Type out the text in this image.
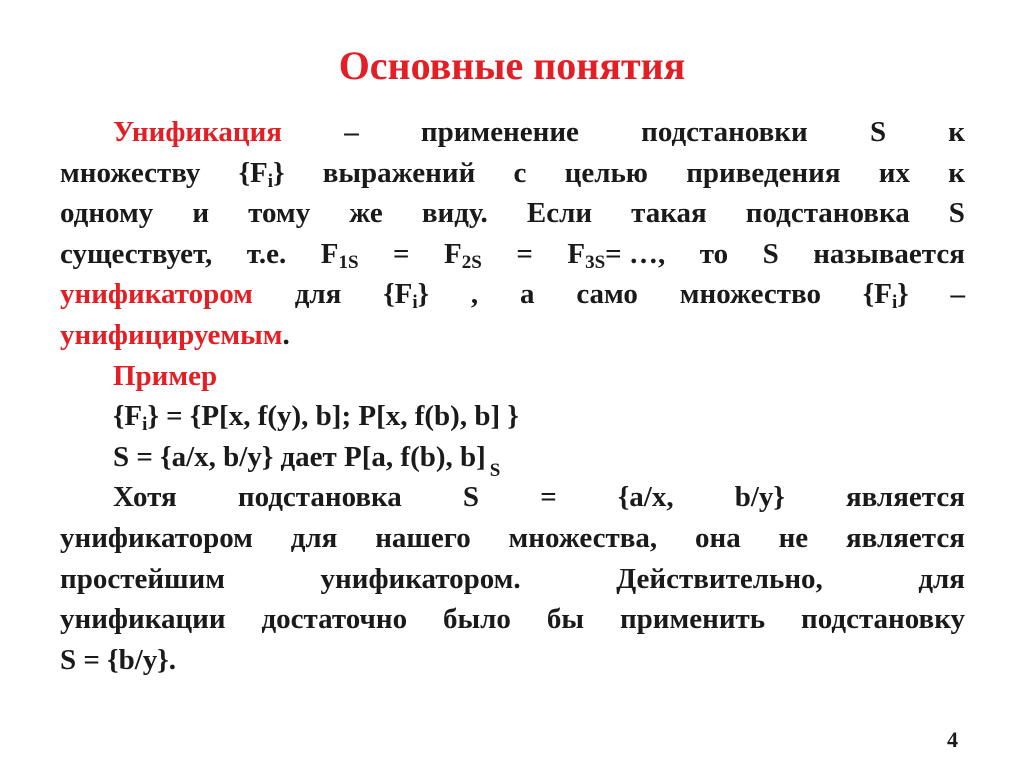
Основные понятия
Унификация – применение подстановки S к
множеству $\{F_i\}$ выражений с целью приведения их к
одному и тому же виду. Если такая подстановка S
существует, т.е. $F_{1S} = F_{2S} = F_{3S}=$ …, то S называется
унификатором для $\{F_i\}$ , а само множество $\{F_i\}$ –
унифицируемым.
Пример
$\{F_i\} = \{P[x$, f(y), b]; P[x, f(b), b] }
S = {a/x, b/y} дает P[a, f(b), b] $_S$
Хотя подстановка S = {a/x, b/y} является
унификатором для нашего множества, она не является
простейшим	унификатором.	Действительно,	для
унификации достаточно было бы применить подстановку
S = {b/y}.
4
